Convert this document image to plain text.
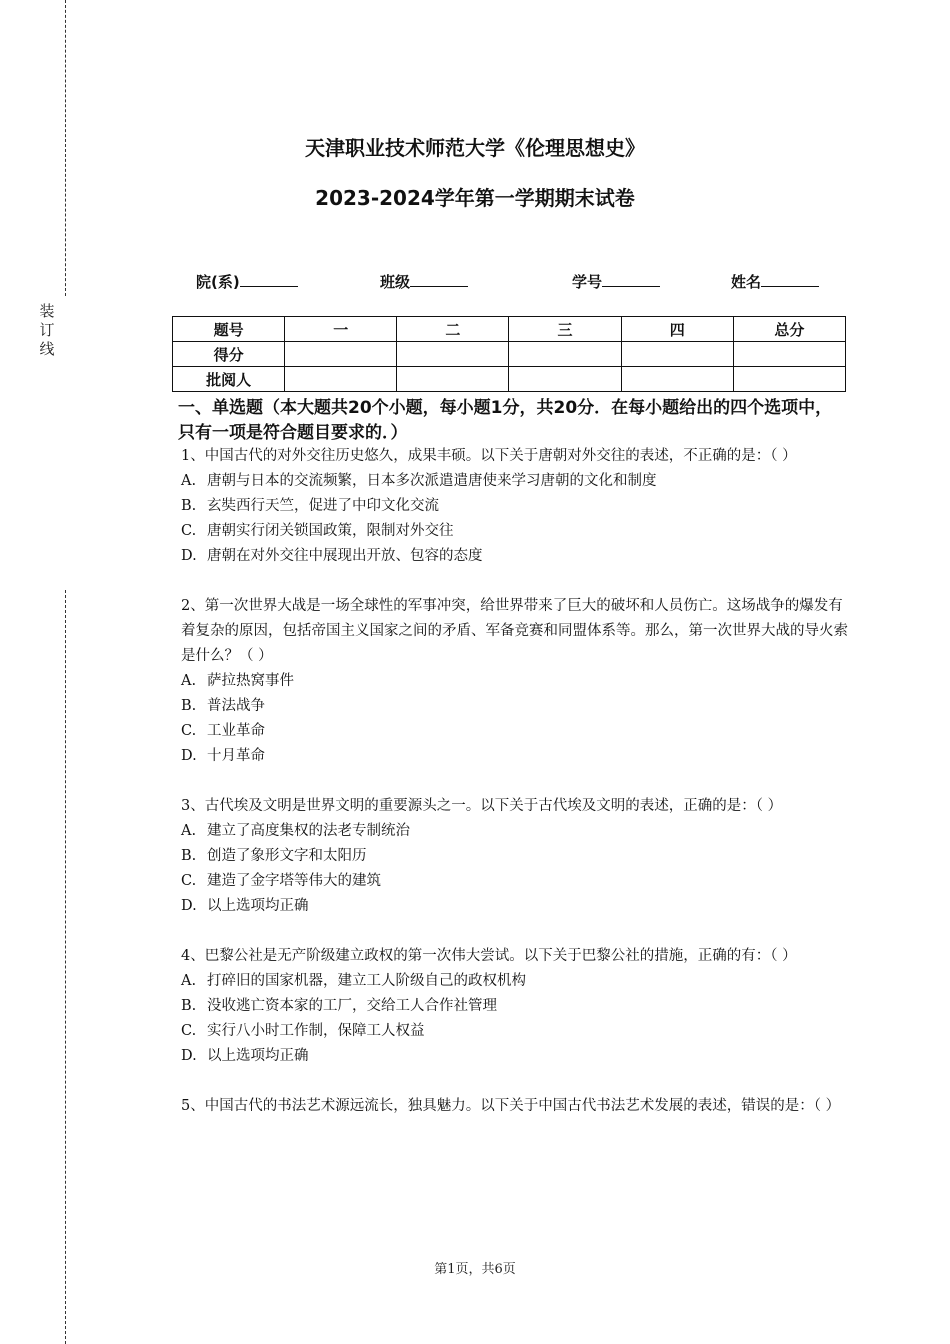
装
订
线
天津职业技术师范大学《伦理思想史》
2023-2024学年第一学期期末试卷
院(系)	班级	学号	姓名
题号	一	二	三	四	总分
得分					
批阅人					
一、单选题（本大题共20个小题，每小题1分，共20分．在每小题给出的四个选项中，只有一项是符合题目要求的．）

1、中国古代的对外交往历史悠久，成果丰硕。以下关于唐朝对外交往的表述，不正确的是：（ ）

A. 唐朝与日本的交流频繁，日本多次派遣遣唐使来学习唐朝的文化和制度

B. 玄奘西行天竺，促进了中印文化交流

C. 唐朝实行闭关锁国政策，限制对外交往

D. 唐朝在对外交往中展现出开放、包容的态度

2、第一次世界大战是一场全球性的军事冲突，给世界带来了巨大的破坏和人员伤亡。这场战争的爆发有着复杂的原因，包括帝国主义国家之间的矛盾、军备竞赛和同盟体系等。那么，第一次世界大战的导火索是什么？（ ）

A. 萨拉热窝事件

B. 普法战争

C. 工业革命

D. 十月革命

3、古代埃及文明是世界文明的重要源头之一。以下关于古代埃及文明的表述，正确的是：（ ）

A. 建立了高度集权的法老专制统治

B. 创造了象形文字和太阳历

C. 建造了金字塔等伟大的建筑

D. 以上选项均正确

4、巴黎公社是无产阶级建立政权的第一次伟大尝试。以下关于巴黎公社的措施，正确的有：（ ）

A. 打碎旧的国家机器，建立工人阶级自己的政权机构

B. 没收逃亡资本家的工厂，交给工人合作社管理

C. 实行八小时工作制，保障工人权益

D. 以上选项均正确

5、中国古代的书法艺术源远流长，独具魅力。以下关于中国古代书法艺术发展的表述，错误的是：（ ）

第1页，共6页
